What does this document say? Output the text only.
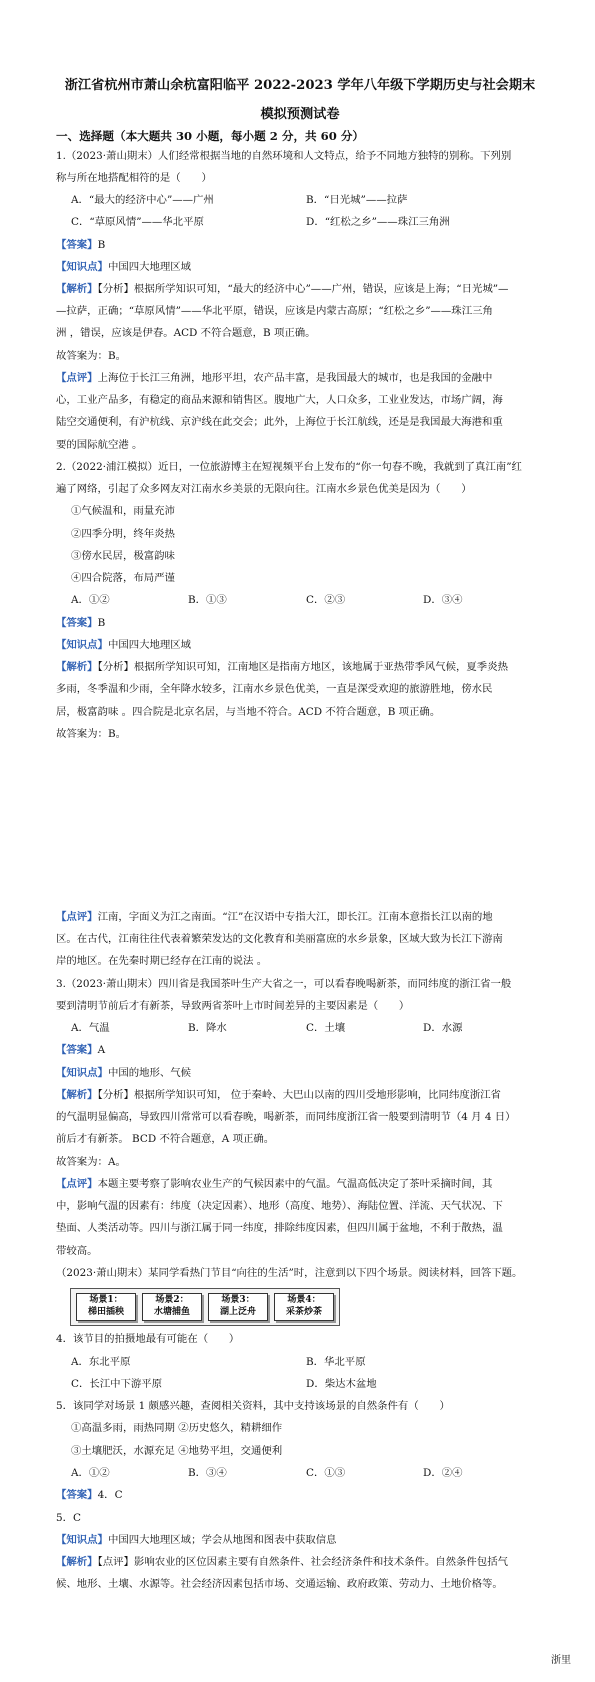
浙江省杭州市萧山余杭富阳临平 2022-2023 学年八年级下学期历史与社会期末
模拟预测试卷
一、选择题（本大题共 30 小题，每小题 2 分，共 60 分）
1.（2023·萧山期末）人们经常根据当地的自然环境和人文特点，给予不同地方独特的别称。下列别
称与所在地搭配相符的是（　　）
A．“最大的经济中心”——广州	B．“日光城”——拉萨
C．“草原风情”——华北平原	D．“红松之乡”——珠江三角洲
【答案】B
【知识点】中国四大地理区域
【解析】【分析】根据所学知识可知，“最大的经济中心”——广州，错误，应该是上海；“日光城”—
—拉萨，正确；“草原风情”——华北平原，错误，应该是内蒙古高原；“红松之乡”——珠江三角
洲 ，错误，应该是伊春。ACD 不符合题意，B 项正确。
故答案为：B。
【点评】上海位于长江三角洲，地形平坦，农产品丰富，是我国最大的城市，也是我国的金融中
心，工业产品多，有稳定的商品来源和销售区。腹地广大，人口众多，工业业发达，市场广阔，海
陆空交通便利，有沪杭线、京沪线在此交会；此外，上海位于长江航线，还是是我国最大海港和重
要的国际航空港 。
2.（2022·浦江模拟）近日，一位旅游博主在短视频平台上发布的“你一句春不晚，我就到了真江南”红
遍了网络，引起了众多网友对江南水乡美景的无限向往。江南水乡景色优美是因为（　　）
①气候温和，雨量充沛
②四季分明，终年炎热
③傍水民居，极富韵味
④四合院落，布局严谨
A．①②	B．①③	C．②③	D．③④
【答案】B
【知识点】中国四大地理区域
【解析】【分析】根据所学知识可知，江南地区是指南方地区，该地属于亚热带季风气候，夏季炎热
多雨，冬季温和少雨，全年降水较多，江南水乡景色优美，一直是深受欢迎的旅游胜地，傍水民
居，极富韵味 。四合院是北京名居，与当地不符合。ACD 不符合题意，B 项正确。
故答案为：B。
【点评】江南，字面义为江之南面。“江”在汉语中专指大江，即长江。江南本意指长江以南的地
区。在古代，江南往往代表着繁荣发达的文化教育和美丽富庶的水乡景象，区域大致为长江下游南
岸的地区。在先秦时期已经存在江南的说法 。
3.（2023·萧山期末）四川省是我国茶叶生产大省之一，可以看春晚喝新茶，而同纬度的浙江省一般
要到清明节前后才有新茶，导致两省茶叶上市时间差异的主要因素是（　　）
A．气温	B．降水	C．土壤	D．水源
【答案】A
【知识点】中国的地形、气候
【解析】【分析】根据所学知识可知， 位于秦岭、大巴山以南的四川受地形影响，比同纬度浙江省
的气温明显偏高，导致四川常常可以看春晚，喝新茶，而同纬度浙江省一般要到清明节（4 月 4 日）
前后才有新茶。 BCD 不符合题意，A 项正确。
故答案为：A。
【点评】本题主要考察了影响农业生产的气候因素中的气温。气温高低决定了茶叶采摘时间，其
中，影响气温的因素有：纬度（决定因素）、地形（高度、地势）、海陆位置、洋流、天气状况、下
垫面、人类活动等。四川与浙江属于同一纬度，排除纬度因素，但四川属于盆地，不利于散热，温
带较高。
（2023·萧山期末）某同学看热门节目“向往的生活”时，注意到以下四个场景。阅读材料，回答下题。
场景1：
梯田插秧
场景2：
水塘捕鱼
场景3：
湖上泛舟
场景4：
采茶炒茶
4．该节目的拍摄地最有可能在（　　）
A．东北平原	B．华北平原
C．长江中下游平原	D．柴达木盆地
5．该同学对场景 1 颇感兴趣，查阅相关资料，其中支持该场景的自然条件有（　　）
①高温多雨，雨热同期 ②历史悠久，精耕细作
③土壤肥沃，水源充足 ④地势平坦，交通便利
A．①②	B．③④	C．①③	D．②④
【答案】4．C
5．C
【知识点】中国四大地理区域；学会从地图和图表中获取信息
【解析】【点评】影响农业的区位因素主要有自然条件、社会经济条件和技术条件。自然条件包括气
候、地形、土壤、水源等。社会经济因素包括市场、交通运输、政府政策、劳动力、土地价格等。
浙里
